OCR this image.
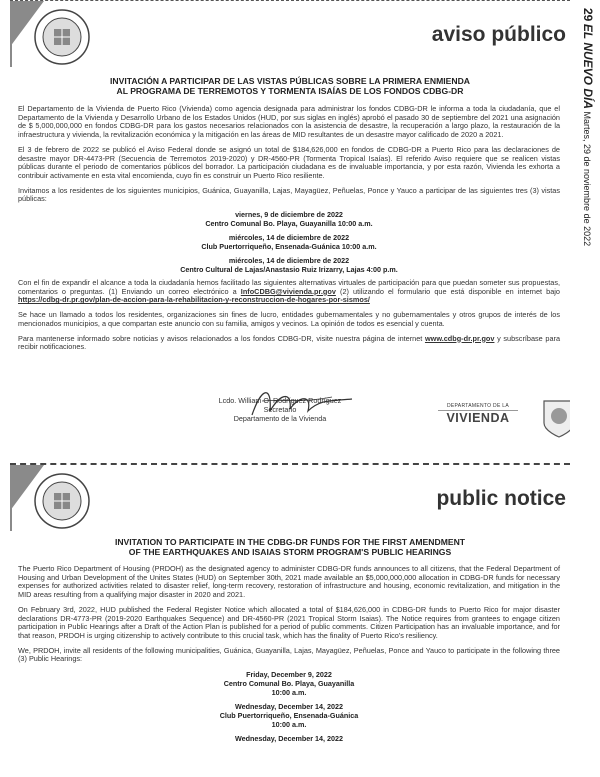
aviso público
INVITACIÓN A PARTICIPAR DE LAS VISTAS PÚBLICAS SOBRE LA PRIMERA ENMIENDA
AL PROGRAMA DE TERREMOTOS Y TORMENTA ISAÍAS DE LOS FONDOS CDBG-DR

El Departamento de la Vivienda de Puerto Rico (Vivienda) como agencia designada para administrar los fondos CDBG-DR le informa a toda la ciudadanía, que el Departamento de la Vivienda y Desarrollo Urbano de los Estados Unidos (HUD, por sus siglas en inglés) aprobó el pasado 30 de septiembre del 2021 una asignación de $ 5,000,000,000 en fondos CDBG-DR para los gastos necesarios relacionados con la asistencia de desastre, la recuperación a largo plazo, la restauración de la infraestructura y vivienda, la revitalización económica y la mitigación en las áreas de MID resultantes de un desastre mayor calificado de 2020 a 2021.

El 3 de febrero de 2022 se publicó el Aviso Federal donde se asignó un total de $184,626,000 en fondos de CDBG-DR a Puerto Rico para las declaraciones de desastre mayor DR-4473-PR (Secuencia de Terremotos 2019-2020) y DR-4560-PR (Tormenta Tropical Isaías). El referido Aviso requiere que se realicen vistas públicas durante el periodo de comentarios públicos del borrador. La participación ciudadana es de invaluable importancia, y por esta razón, Vivienda les exhorta a contribuir activamente en esta vital encomienda, cuyo fin es construir un Puerto Rico resiliente.

Invitamos a los residentes de los siguientes municipios, Guánica, Guayanilla, Lajas, Mayagüez, Peñuelas, Ponce y Yauco a participar de las siguientes tres (3) vistas públicas:

viernes, 9 de diciembre de 2022
Centro Comunal Bo. Playa, Guayanilla 10:00 a.m.
miércoles, 14 de diciembre de 2022
Club Puertorriqueño, Ensenada-Guánica 10:00 a.m.
miércoles, 14 de diciembre de 2022
Centro Cultural de Lajas/Anastasio Ruiz Irizarry, Lajas 4:00 p.m.

Con el fin de expandir el alcance a toda la ciudadanía hemos facilitado las siguientes alternativas virtuales de participación para que puedan someter sus propuestas, comentarios o preguntas. (1) Enviando un correo electrónico a InfoCDBG@vivienda.pr.gov (2) utilizando el formulario que está disponible en internet bajo https://cdbg-dr.pr.gov/plan-de-accion-para-la-rehabilitacion-y-reconstruccion-de-hogares-por-sismos/

Se hace un llamado a todos los residentes, organizaciones sin fines de lucro, entidades gubernamentales y no gubernamentales y otros grupos de interés de los mencionados municipios, a que compartan este anuncio con su familia, amigos y vecinos. La opinión de todos es esencial y cuenta.

Para mantenerse informado sobre noticias y avisos relacionados a los fondos CDBG-DR, visite nuestra página de internet www.cdbg-dr.pr.gov y subscríbase para recibir notificaciones.

Lcdo. William O. Rodríguez Rodríguez
Secretario
Departamento de la Vivienda
DEPARTAMENTO DE LA
VIVIENDA
public notice
INVITATION TO PARTICIPATE IN THE CDBG-DR FUNDS FOR THE FIRST AMENDMENT
OF THE EARTHQUAKES AND ISAIAS STORM PROGRAM'S PUBLIC HEARINGS

The Puerto Rico Department of Housing (PRDOH) as the designated agency to administer CDBG-DR funds announces to all citizens, that the Federal Department of Housing and Urban Development of the Unites States (HUD) on September 30th, 2021 made available an $5,000,000,000 allocation in CDBG-DR funds for necessary expenses for authorized activities related to disaster relief, long-term recovery, restoration of infrastructure and housing, economic revitalization, and mitigation in the MID areas resulting from a qualifying major disaster in 2020 and 2021.

On February 3rd, 2022, HUD published the Federal Register Notice which allocated a total of $184,626,000 in CDBG-DR funds to Puerto Rico for major disaster declarations DR-4773-PR (2019-2020 Earthquakes Sequence) and DR-4560-PR (2021 Tropical Storm Isaias). The Notice requires from grantees to engage citizen participation in Public Hearings after a Draft of the Action Plan is published for a period of public comments. Citizen Participation has an invaluable importance, and for that reason, PRDOH is urging citizenship to actively contribute to this crucial task, which has the finality of Puerto Rico's resiliency.

We, PRDOH, invite all residents of the following municipalities, Guánica, Guayanilla, Lajas, Mayagüez, Peñuelas, Ponce and Yauco to participate in the following three (3) Public Hearings:

Friday, December 9, 2022
Centro Comunal Bo. Playa, Guayanilla
10:00 a.m.
Wednesday, December 14, 2022
Club Puertorriqueño, Ensenada-Guánica
10:00 a.m.
Wednesday, December 14, 2022
29 EL NUEVO DÍA Martes, 29 de noviembre de 2022
